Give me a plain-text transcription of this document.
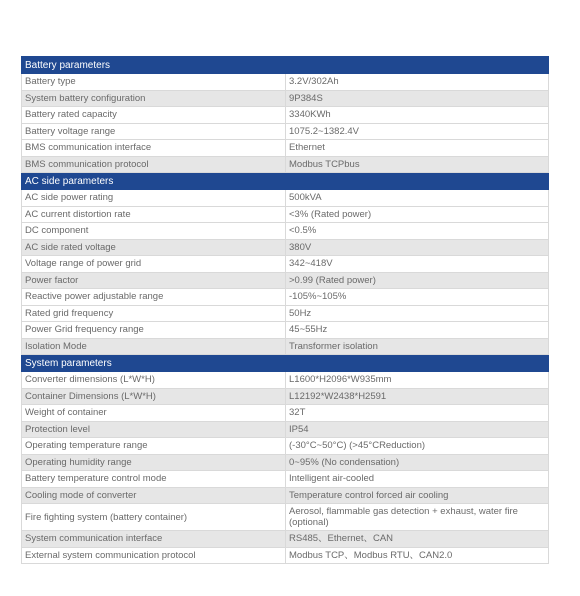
Battery parameters	
Battery type	3.2V/302Ah
System battery configuration	9P384S
Battery rated capacity	3340KWh
Battery voltage range	1075.2~1382.4V
BMS communication interface	Ethernet
BMS communication protocol	Modbus TCPbus
AC side parameters	
AC side power rating	500kVA
AC current distortion rate	<3% (Rated power)
DC component	<0.5%
AC side rated voltage	380V
Voltage range of power grid	342~418V
Power factor	>0.99 (Rated power)
Reactive power adjustable range	-105%~105%
Rated grid frequency	50Hz
Power Grid frequency range	45~55Hz
Isolation Mode	Transformer isolation
System parameters	
Converter dimensions (L*W*H)	L1600*H2096*W935mm
Container Dimensions (L*W*H)	L12192*W2438*H2591
Weight of container	32T
Protection level	IP54
Operating temperature range	(-30°C~50°C) (>45°CReduction)
Operating humidity range	0~95% (No condensation)
Battery temperature control mode	Intelligent air-cooled
Cooling mode of converter	Temperature control forced air cooling
Fire fighting system (battery container)	Aerosol, flammable gas detection + exhaust, water fire (optional)
System communication interface	RS485、Ethernet、CAN
External system communication protocol	Modbus TCP、Modbus RTU、CAN2.0
